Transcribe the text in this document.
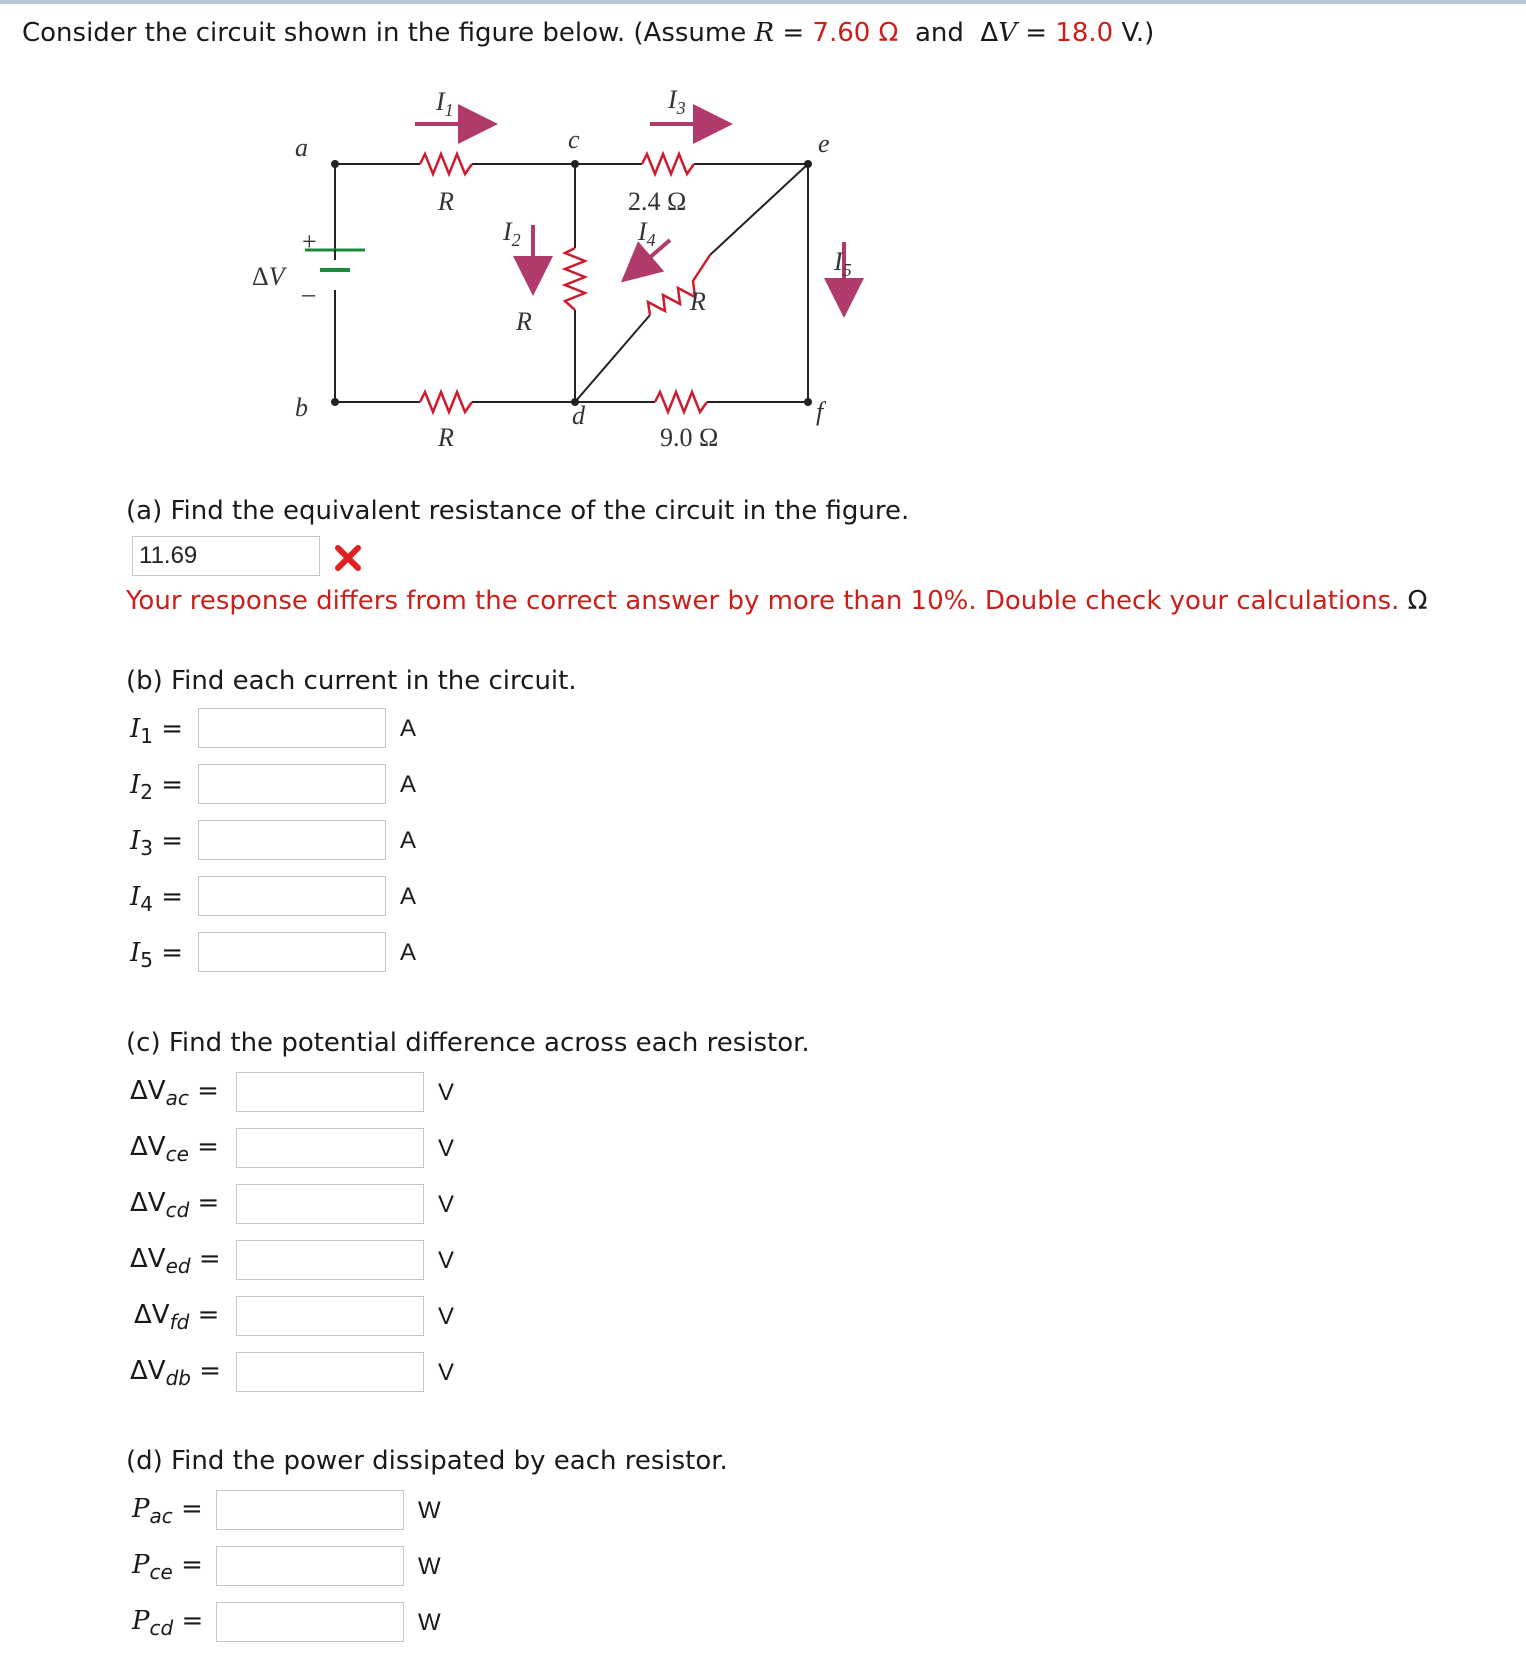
Consider the circuit shown in the figure below. (Assume R = 7.60 Ω and ΔV = 18.0 V.)
a
b
c
d
e
f
$I_1$	$I_3$
$I_2$	$I_4$
$I_5$
R
R
R
R
ΔV
2.4 Ω
9.0 Ω
+
–
(a) Find the equivalent resistance of the circuit in the figure.
11.69
Your response differs from the correct answer by more than 10%. Double check your calculations. Ω
(b) Find each current in the circuit.
$I_1$ =	A
$I_2$ =	A
$I_3$ =	A
$I_4$ =	A
$I_5$ =	A
(c) Find the potential difference across each resistor.
$\Delta V_{ac}$ =	V
$\Delta V_{ce}$ =	V
$\Delta V_{cd}$ =	V
$\Delta V_{ed}$ =	V
$\Delta V_{fd}$ =	V
$\Delta V_{db}$ =	V
(d) Find the power dissipated by each resistor.
$P_{ac}$ =	W
$P_{ce}$ =	W
$P_{cd}$ =	W
